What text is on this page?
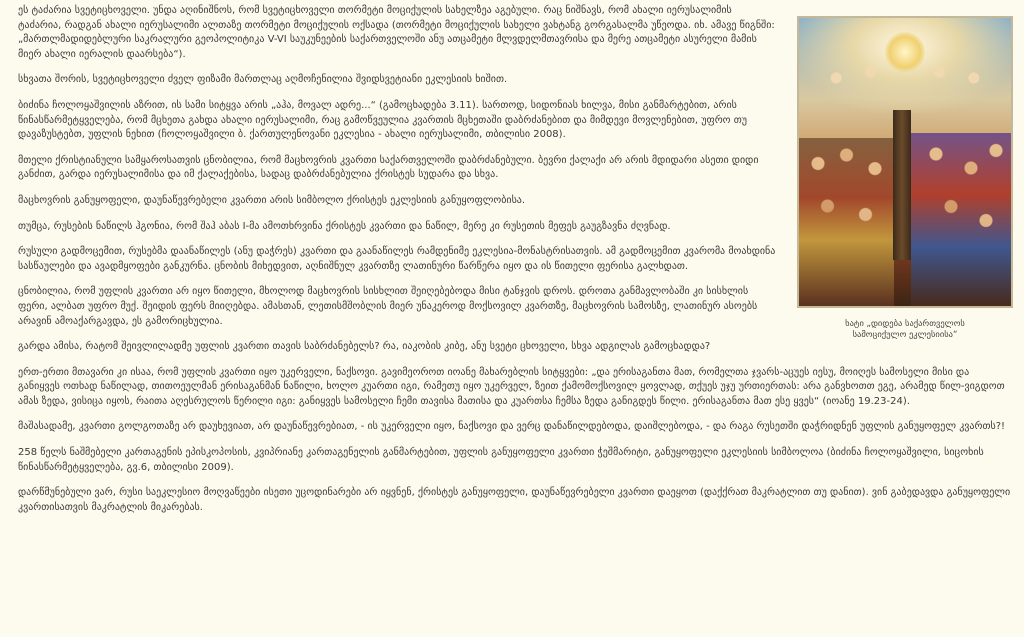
ხატი „დიდება საქართველოს სამოციქულო ეკლესიისა“

ეს ტაძარია სვეტიცხოველი. უნდა აღინიშნოს, რომ სვეტიცხოველი თორმეტი მოციქულის სახელზეა აგებული. რაც ნიშნავს, რომ ახალი იერუსალიმის ტაძარია, რადგან ახალი იერუსალიმი ალთაზე თორმეტი მოციქულის ოქსადა (თორმეტი მოციქულის სახელი ვახტანგ გორგასალმა უწეოდა. იხ. ამავე წიგნში: „მართლმადიდებლური საკრალური გეოპოლიტიკა V-VI საუკუნეების საქართველოში ანუ ათცამეტი მლვდელმთავრისა და მერე ათცამეტი ასურელი მამის მიერ ახალი იერალის დაარსება“).

სხვათა შორის, სვეტიცხოველი ძველ ფიზამი მართლაც აღმოჩენილია შვიდსვეტიანი ეკლესიის ხიშით.

ბიძინა ჩოლოყაშვილის აზრით, ის სამი სიტყვა არის „აჰა, მოვალ ადრე...“ (გამოცხადება 3.11). სართოდ, სიდონიას ხილვა, მისი განმარტებით, არის წინასწარმეტყველება, რომ მცხეთა გახდა ახალი იერუსალიმი, რაც გამოწვეულია კვართის მცხეთაში დაბრძანებით და მიმდევი მოვლენებით, უფრო თუ დავაზუსტებთ, უფლის ნეხით (ჩოლოყაშვილი ბ. ქართულენოვანი ეკლესია - ახალი იერუსალიმი, თბილისი 2008).

მთელი ქრისტიანული სამყაროსათვის ცნობილია, რომ მაცხოვრის კვართი საქართველოში დაბრძანებული. ბევრი ქალაქი არ არის მდიდარი ასეთი დიდი განძით, გარდა იერუსალიმისა და იმ ქალაქებისა, სადაც დაბრძანებულია ქრისტეს სუდარა და სხვა.

მაცხოვრის განუყოფელი, დაუნაწევრებელი კვართი არის სიმბოლო ქრისტეს ეკლესიის განუყოფლობისა.

თუმცა, რუსების ნაწილს ჰგონია, რომ შაჰ აბას I-მა ამოთხრვინა ქრისტეს კვართი და ნაწილ, მერე კი რუსეთის მეფეს გაუგზავნა ძღვნად.

რუსული გადმოცემით, რუსებმა დაანაწილეს (ანუ დაჭრეს) კვართი და გაანაწილეს რამდენიმე ეკლესია-მონასტრისათვის. ამ გადმოცემით კვარომა მოახდინა სასწაულები და ავადმყოფები განკურნა. ცნობის მიხედვით, აღნიშნულ კვართზე ლათინური წარწერა იყო და ის წითელი ფერისა გალხდათ.

ცნობილია, რომ უფლის კვართი არ იყო წითელი, მხოლოდ მაცხოვრის სისხლით შეიღებებოდა მისი ტანჯვის დროს. დროთა განმავლობაში კი სისხლის ფერი, ალბათ უფრო მუქ. შეიდის ფერს მიიღებდა. ამასთან, ლეთისმშობლის მიერ უნაკეროდ მოქსოვილ კვართზე, მაცხოვრის სამოსზე, ლათინურ ასოებს არავინ ამოაქარგავდა, ეს გამორიცხულია.

გარდა ამისა, რატომ შეივლილადმე უფლის კვართი თავის საბრძანებელს? რა, იაკობის კიბე, ანუ სვეტი ცხოველი, სხვა ადგილას გამოცხადდა?

ერთ-ერთი მთავარი კი ისაა, რომ უფლის კვართი იყო უკერველი, ნაქსოვი. გავიმეოროთ იოანე მახარებლის სიტყვები: „და ერისაგანთა მათ, რომელთა ჯვარს-აცუეს იესუ, მოიღეს სამოსელი მისი და განიყვეს ოთხად ნაწილად, თითოეულმან ერისაგანმან ნაწილი, ხოლო კუართი იგი, რამეთუ იყო უკერველ, ზეით ქამომოქსოვილ ყოვლად, თქუეს უჯუ ურთიერთას: არა განვხოთთ ეგე, არამედ წილ-ვიგდოთ ამას ზედა, ვისიცა იყოს, რაითა აღესრულოს წერილი იგი: განიყვეს სამოსელი ჩემი თავისა მათისა და კუართსა ჩემსა ზედა განიგდეს წილი. ერისაგანთა მათ ესე ყვეს“ (იოანე 19.23-24).

მაშასადამე, კვართი გოლგოთაზე არ დაუხევიათ, არ დაუნაწევრებიათ, - ის უკერველი იყო, ნაქსოვი და ვერც დანაწილდებოდა, დაიშლებოდა, - და რაგა რუსეთში დაჭრიდნენ უფლის განუყოფელ კვართს?!

258 წელს ნაშმებელი კართაგენის ეპისკოპოსის, კვიპრიანე კართაგენელის განმარტებით, უფლის განუყოფელი კვართი ჭეშმარიტი, განუყოფელი ეკლესიის სიმბოლოა (ბიძინა ჩოლოყაშვილი, სიცოხის წინასწარმეტყველება, გვ.6, თბილისი 2009).

დარწმუნებული ვარ, რუსი საეკლესიო მოღვაწეები ისეთი უცოდინარები არ იყვნენ, ქრისტეს განუყოფელი, დაუნაწევრებელი კვართი დაეყოთ (დაქქრათ მაკრატლით თუ დანით). ვინ გაბედავდა განუყოფელი კვართისათვის მაკრატლის მიკარებას.
